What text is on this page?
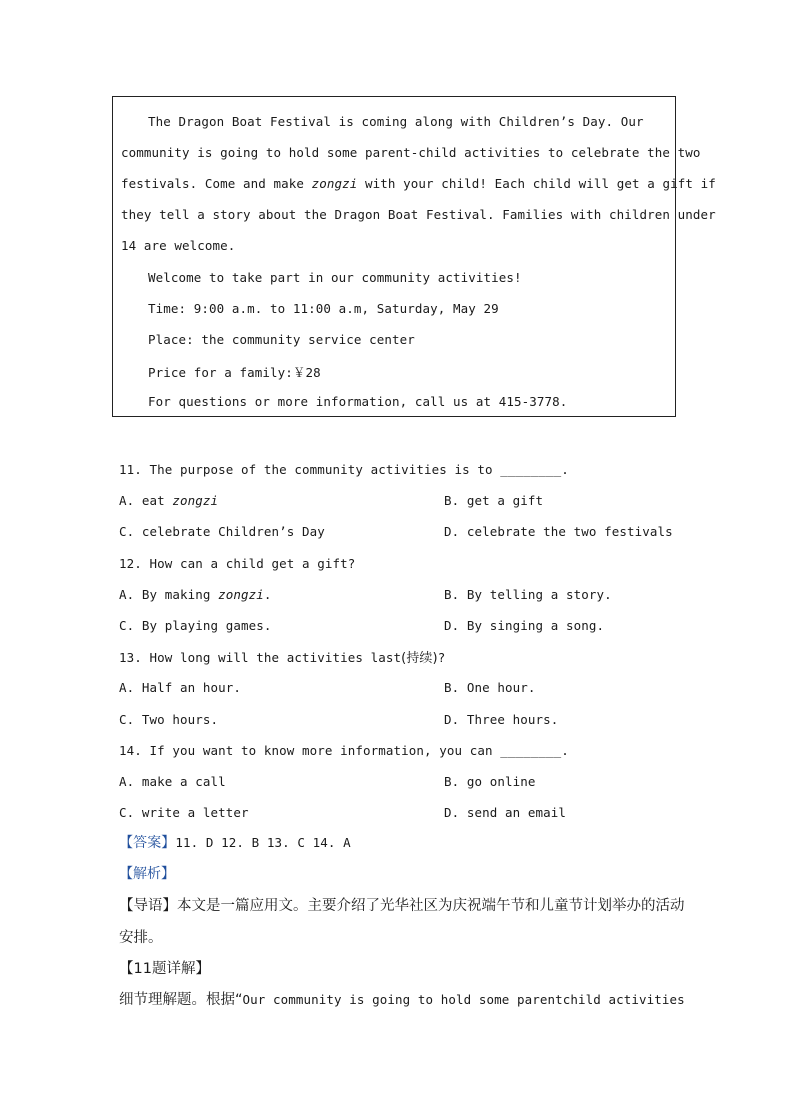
The Dragon Boat Festival is coming along with Children’s Day. Our
community is going to hold some parent-child activities to celebrate the two
festivals. Come and make zongzi with your child! Each child will get a gift if
they tell a story about the Dragon Boat Festival. Families with children under
14 are welcome.
Welcome to take part in our community activities!
Time: 9:00 a.m. to 11:00 a.m, Saturday, May 29
Place: the community service center
Price for a family:￥28
For questions or more information, call us at 415-3778.
11. The purpose of the community activities is to ________.
A. eat zongzi	B. get a gift
C. celebrate Children’s Day	D. celebrate the two festivals
12. How can a child get a gift?
A. By making zongzi.	B. By telling a story.
C. By playing games.	D. By singing a song.
13. How long will the activities last(持续)?
A. Half an hour.	B. One hour.
C. Two hours.	D. Three hours.
14. If you want to know more information, you can ________.
A. make a call	B. go online
C. write a letter	D. send an email
【答案】11. D 12. B 13. C 14. A
【解析】
【导语】本文是一篇应用文。主要介绍了光华社区为庆祝端午节和儿童节计划举办的活动
安排。
【11题详解】
细节理解题。根据“Our community is going to hold some parentchild activities
